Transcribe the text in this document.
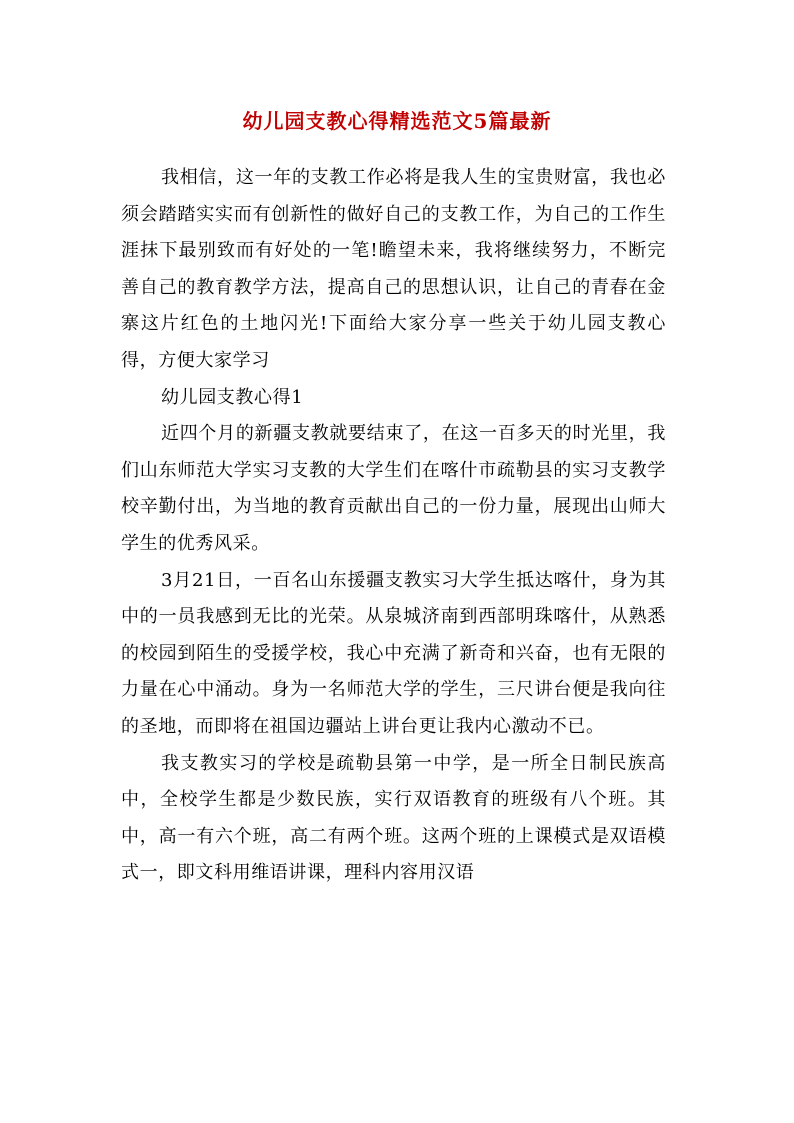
幼儿园支教心得精选范文5篇最新

我相信，这一年的支教工作必将是我人生的宝贵财富，我也必须会踏踏实实而有创新性的做好自己的支教工作，为自己的工作生涯抹下最别致而有好处的一笔!瞻望未来，我将继续努力，不断完善自己的教育教学方法，提高自己的思想认识，让自己的青春在金寨这片红色的土地闪光!下面给大家分享一些关于幼儿园支教心得，方便大家学习

幼儿园支教心得1

近四个月的新疆支教就要结束了，在这一百多天的时光里，我们山东师范大学实习支教的大学生们在喀什市疏勒县的实习支教学校辛勤付出，为当地的教育贡献出自己的一份力量，展现出山师大学生的优秀风采。

3月21日，一百名山东援疆支教实习大学生抵达喀什，身为其中的一员我感到无比的光荣。从泉城济南到西部明珠喀什，从熟悉的校园到陌生的受援学校，我心中充满了新奇和兴奋，也有无限的力量在心中涌动。身为一名师范大学的学生，三尺讲台便是我向往的圣地，而即将在祖国边疆站上讲台更让我内心激动不已。

我支教实习的学校是疏勒县第一中学，是一所全日制民族高中，全校学生都是少数民族，实行双语教育的班级有八个班。其中，高一有六个班，高二有两个班。这两个班的上课模式是双语模式一，即文科用维语讲课，理科内容用汉语
